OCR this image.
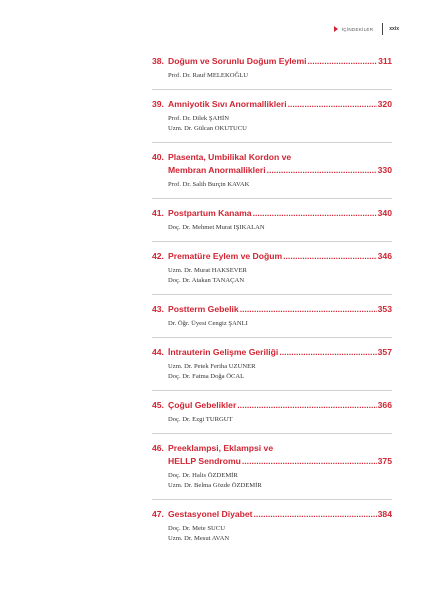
İÇİNDEKİLER	xxix
38. Doğum ve Sorunlu Doğum Eylemi .....	311
Prof. Dr. Rauf MELEKOĞLU
39. Amniyotik Sıvı Anormallikleri .....	320
Prof. Dr. Dilek ŞAHİN
Uzm. Dr. Gülcan OKUTUCU
40. Plasenta, Umbilikal Kordon ve
Membran Anormallikleri .....	330
Prof. Dr. Salih Burçin KAVAK
41. Postpartum Kanama .....	340
Doç. Dr. Mehmet Murat IŞIKALAN
42. Prematüre Eylem ve Doğum .....	346
Uzm. Dr. Murat HAKSEVER
Doç. Dr. Atakan TANAÇAN
43. Postterm Gebelik .....	353
Dr. Öğr. Üyesi Cengiz ŞANLI
44. İntrauterin Gelişme Geriliği .....	357
Uzm. Dr. Petek Feriha UZUNER
Doç. Dr. Fatma Doğa ÖCAL
45. Çoğul Gebelikler .....	366
Doç. Dr. Ezgi TURGUT
46. Preeklampsi, Eklampsi ve
HELLP Sendromu .....	375
Doç. Dr. Halis ÖZDEMİR
Uzm. Dr. Belma Gözde ÖZDEMİR
47. Gestasyonel Diyabet .....	384
Doç. Dr. Mete SUCU
Uzm. Dr. Mesut AVAN
